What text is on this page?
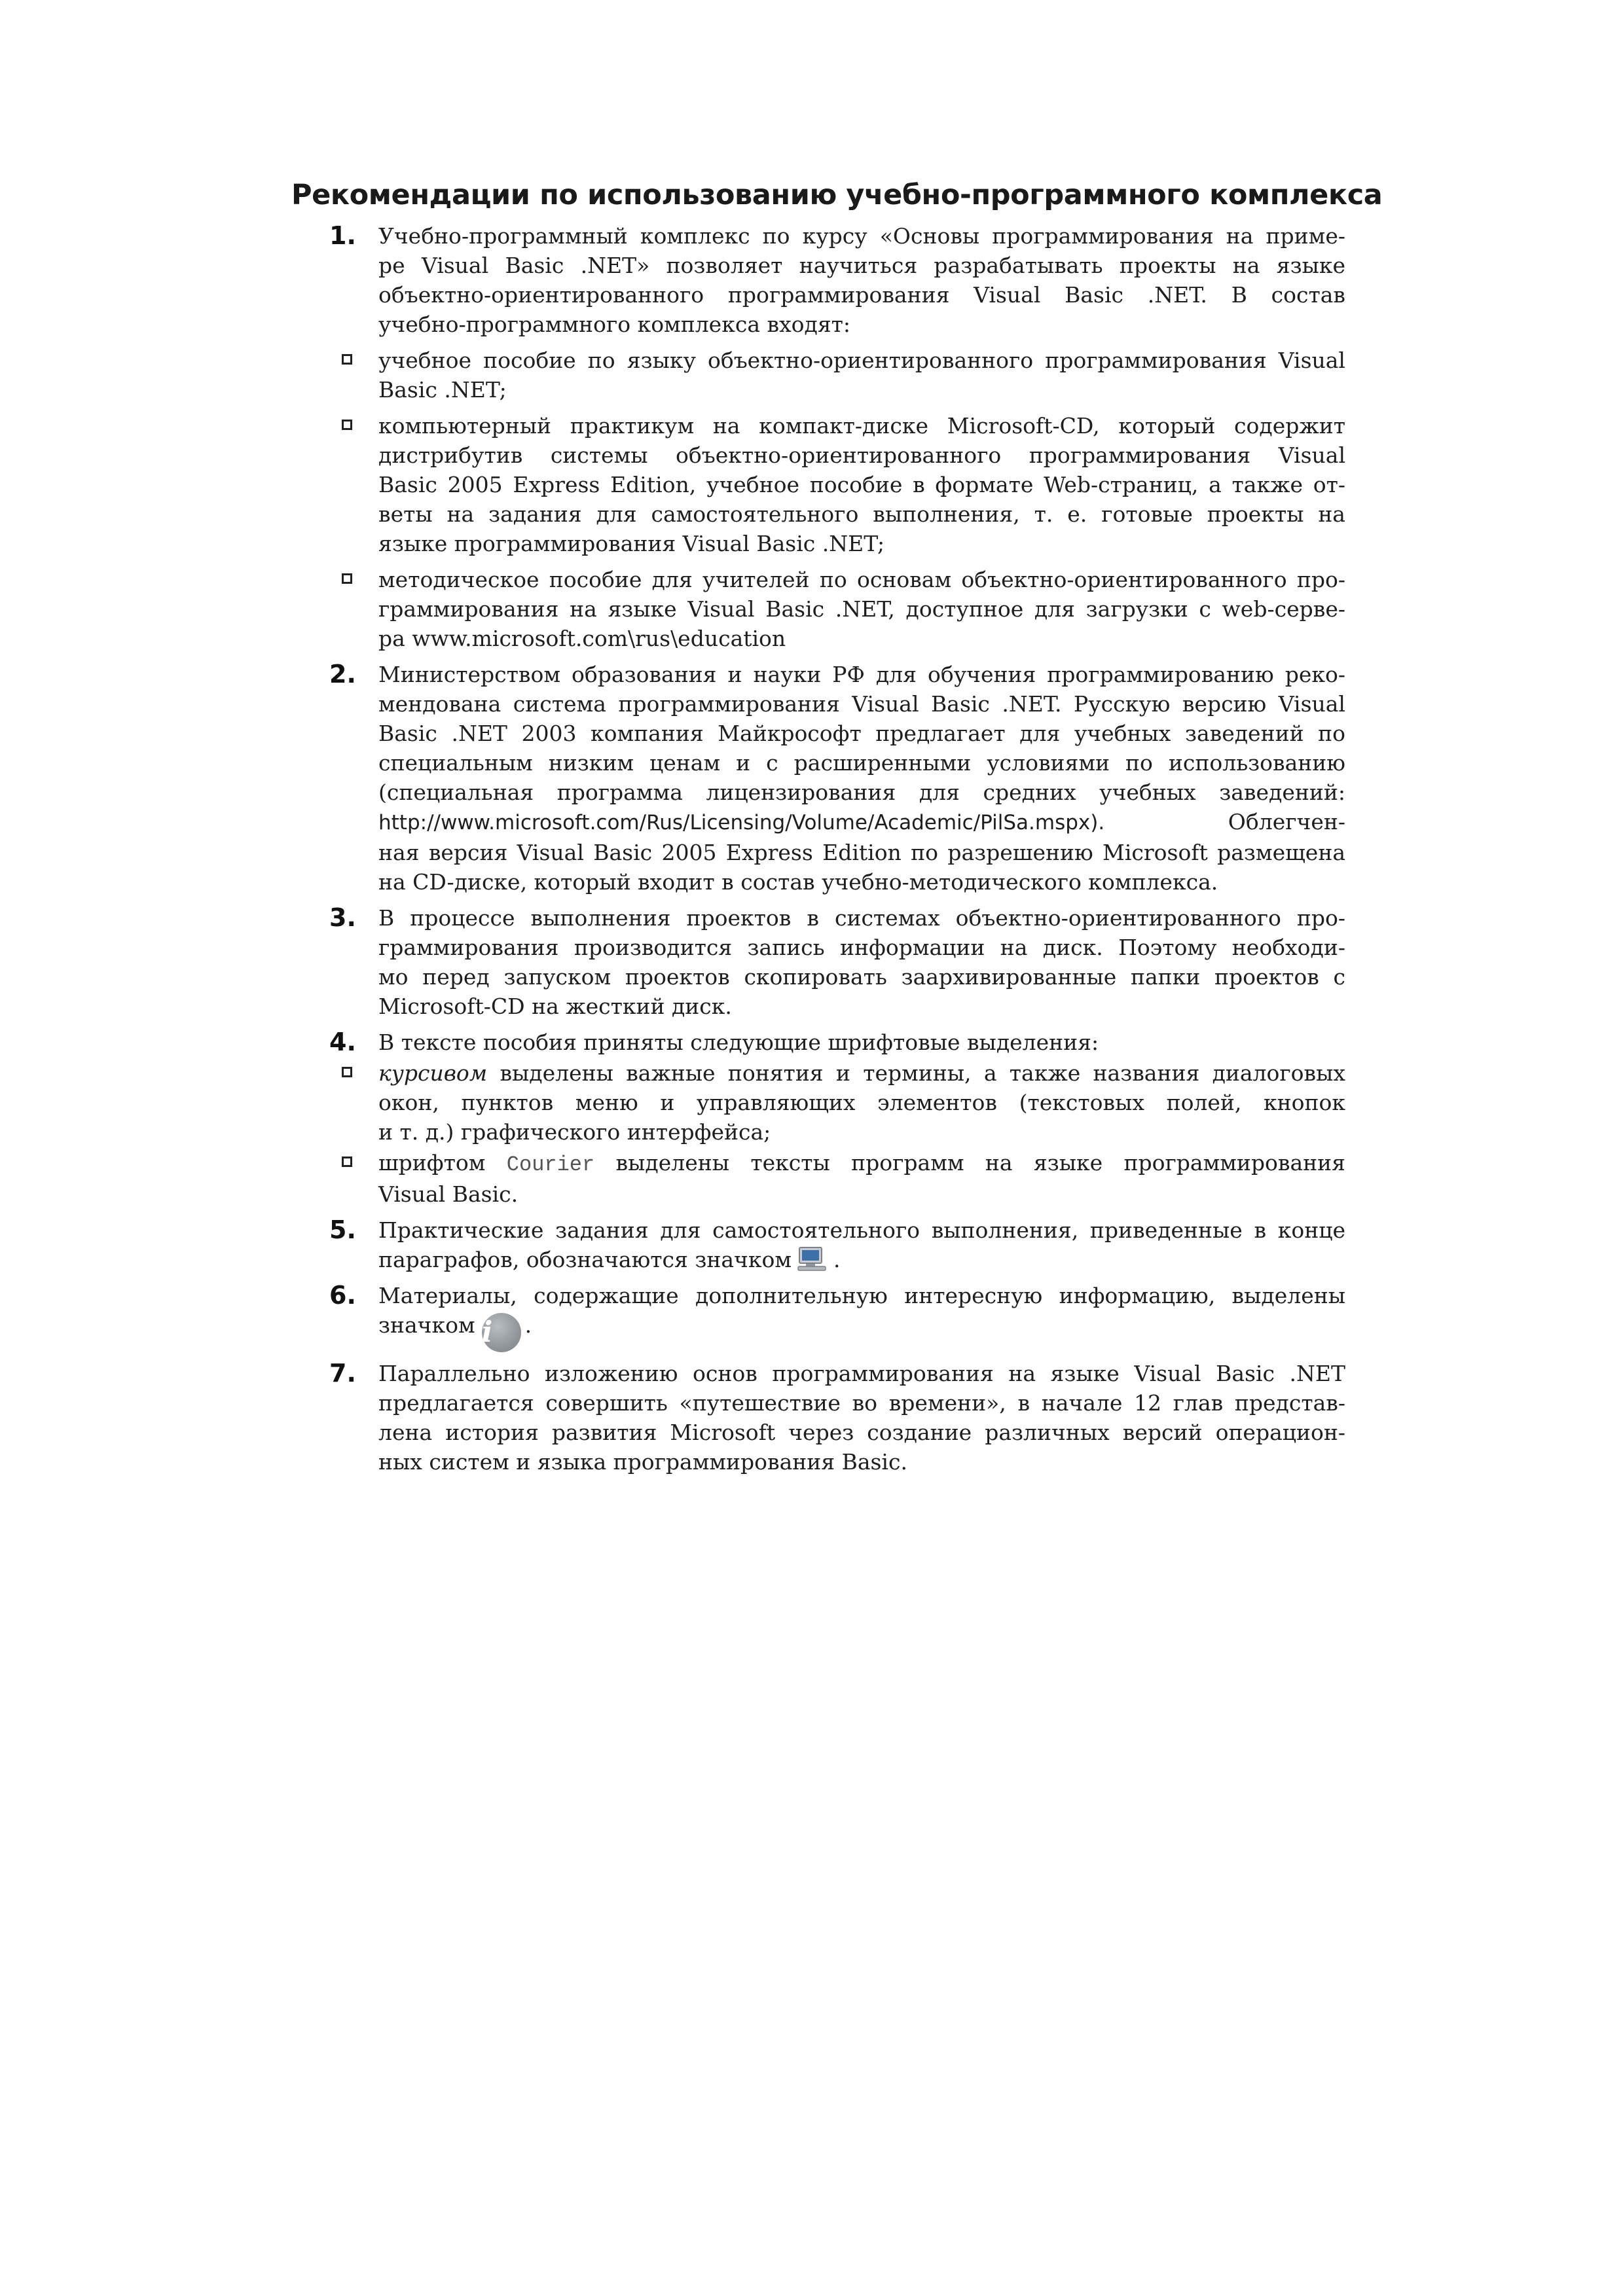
Рекомендации по использованию учебно-программного комплекса
1. Учебно-программный комплекс по курсу «Основы программирования на приме-
ре Visual Basic .NET» позволяет научиться разрабатывать проекты на языке
объектно-ориентированного программирования Visual Basic .NET. В состав
учебно-программного комплекса входят:
учебное пособие по языку объектно-ориентированного программирования Visual
Basic .NET;
компьютерный практикум на компакт-диске Microsoft-CD, который содержит
дистрибутив системы объектно-ориентированного программирования Visual
Basic 2005 Express Edition, учебное пособие в формате Web-страниц, а также от-
веты на задания для самостоятельного выполнения, т. е. готовые проекты на
языке программирования Visual Basic .NET;
методическое пособие для учителей по основам объектно-ориентированного про-
граммирования на языке Visual Basic .NET, доступное для загрузки с web-серве-
ра www.microsoft.com\rus\education
2. Министерством образования и науки РФ для обучения программированию реко-
мендована система программирования Visual Basic .NET. Русскую версию Visual
Basic .NET 2003 компания Майкрософт предлагает для учебных заведений по
специальным низким ценам и с расширенными условиями по использованию
(специальная программа лицензирования для средних учебных заведений:
http://www.microsoft.com/Rus/Licensing/Volume/Academic/PilSa.mspx). Облегчен-
ная версия Visual Basic 2005 Express Edition по разрешению Microsoft размещена
на CD-диске, который входит в состав учебно-методического комплекса.
3. В процессе выполнения проектов в системах объектно-ориентированного про-
граммирования производится запись информации на диск. Поэтому необходи-
мо перед запуском проектов скопировать заархивированные папки проектов с
Microsoft-CD на жесткий диск.
4. В тексте пособия приняты следующие шрифтовые выделения:
курсивом выделены важные понятия и термины, а также названия диалоговых
окон, пунктов меню и управляющих элементов (текстовых полей, кнопок
и т. д.) графического интерфейса;
шрифтом Courier выделены тексты программ на языке программирования
Visual Basic.
5. Практические задания для самостоятельного выполнения, приведенные в конце
параграфов, обозначаются значком .
6. Материалы, содержащие дополнительную интересную информацию, выделены
значком i .
7. Параллельно изложению основ программирования на языке Visual Basic .NET
предлагается совершить «путешествие во времени», в начале 12 глав представ-
лена история развития Microsoft через создание различных версий операцион-
ных систем и языка программирования Basic.
